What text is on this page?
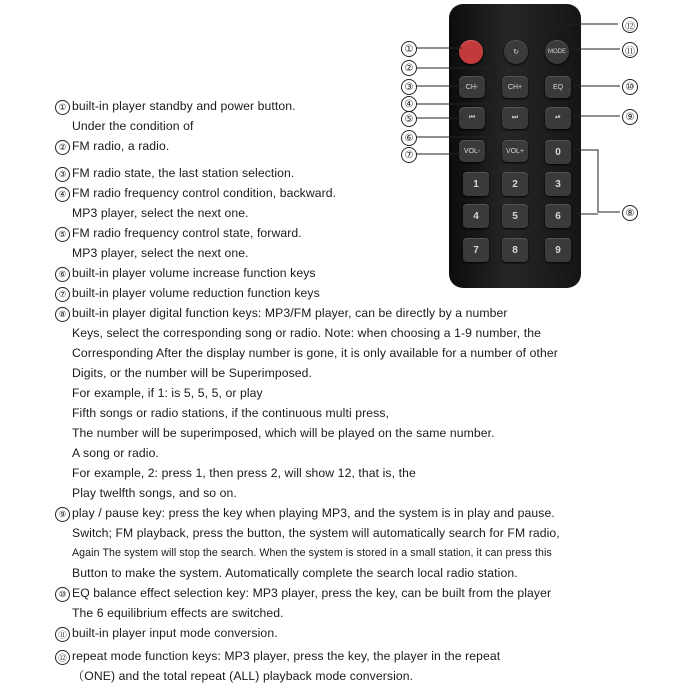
↻	MODE
CH-	CH+	EQ
⏮	⏭	⏯
VOL-	VOL+	0
1	2	3
4	5	6
7	8	9
①
②
③
④
⑤
⑥
⑦
⑧
⑨
⑩
⑪
⑫
① built-in player standby and power button.
Under the condition of
② FM radio, a radio.
③ FM radio state, the last station selection.
④ FM radio frequency control condition, backward.
MP3 player, select the next one.
⑤ FM radio frequency control state, forward.
MP3 player, select the next one.
⑥ built-in player volume increase function keys
⑦ built-in player volume reduction function keys
⑧ built-in player digital function keys: MP3/FM player, can be directly by a number
Keys, select the corresponding song or radio. Note: when choosing a 1-9 number, the
Corresponding After the display number is gone, it is only available for a number of other
Digits, or the number will be Superimposed.
For example, if 1: is 5, 5, 5, or play
Fifth songs or radio stations, if the continuous multi press,
The number will be superimposed, which will be played on the same number.
A song or radio.
For example, 2: press 1, then press 2, will show 12, that is, the
Play twelfth songs, and so on.
⑨ play / pause key: press the key when playing MP3, and the system is in play and pause.
Switch; FM playback, press the button, the system will automatically search for FM radio,
Again The system will stop the search. When the system is stored in a small station, it can press this
Button to make the system. Automatically complete the search local radio station.
⑩ EQ balance effect selection key: MP3 player, press the key, can be built from the player
The 6 equilibrium effects are switched.
⑪ built-in player input mode conversion.
⑫ repeat mode function keys: MP3 player, press the key, the player in the repeat
（ONE) and the total repeat (ALL) playback mode conversion.
